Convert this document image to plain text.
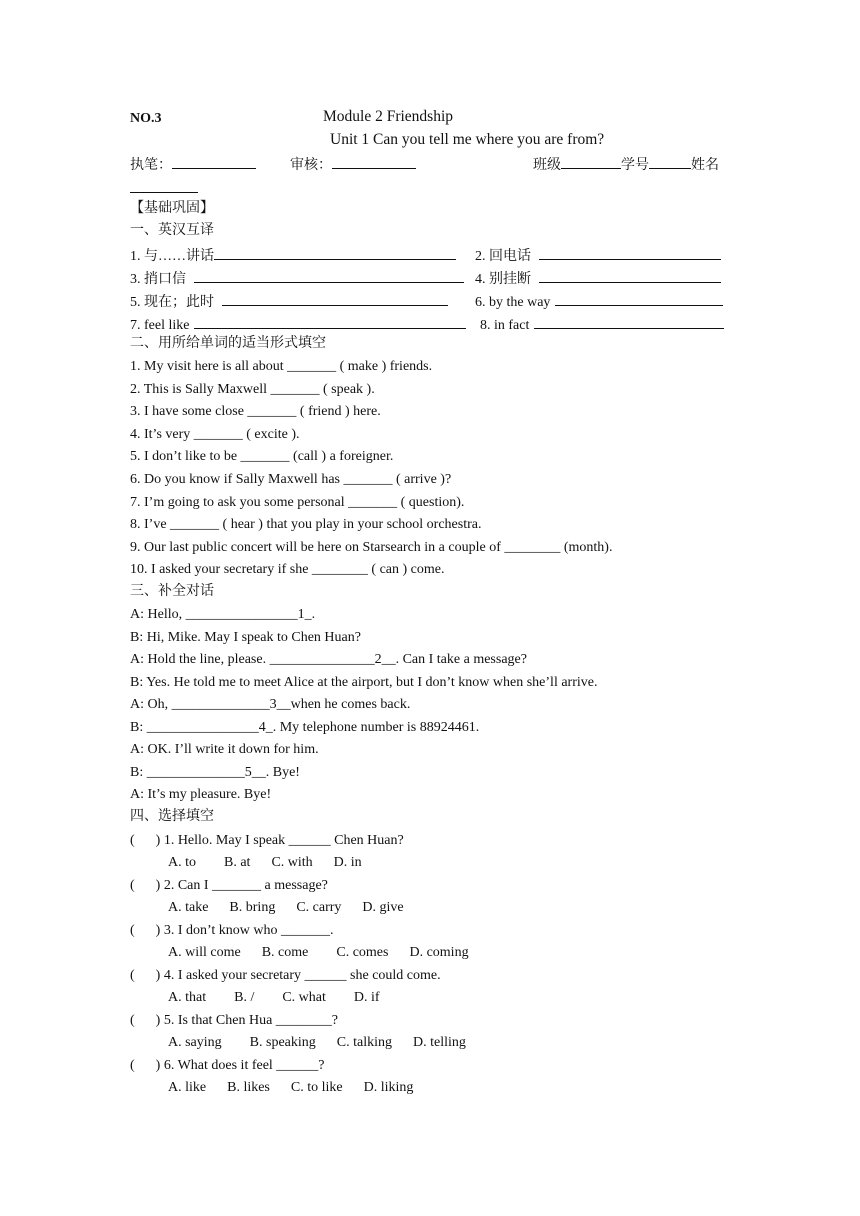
NO.3	Module 2 Friendship
Unit 1 Can you tell me where you are from?
执笔：	审核：	班级	学号	姓名
【基础巩固】
一、英汉互译
1. 与……讲话	2. 回电话
3. 捎口信	4. 别挂断
5. 现在；此时	6. by the way
7. feel like	8. in fact
二、用所给单词的适当形式填空
1. My visit here is all about _______ ( make ) friends.
2. This is Sally Maxwell _______ ( speak ).
3. I have some close _______ ( friend ) here.
4. It’s very _______ ( excite ).
5. I don’t like to be _______ (call ) a foreigner.
6. Do you know if Sally Maxwell has _______ ( arrive )?
7. I’m going to ask you some personal _______ ( question).
8. I’ve _______ ( hear ) that you play in your school orchestra.
9. Our last public concert will be here on Starsearch in a couple of ________ (month).
10. I asked your secretary if she ________ ( can ) come.
三、补全对话
A: Hello, ________________1_.
B: Hi, Mike. May I speak to Chen Huan?
A: Hold the line, please. _______________2__. Can I take a message?
B: Yes. He told me to meet Alice at the airport, but I don’t know when she’ll arrive.
A: Oh, ______________3__when he comes back.
B: ________________4_. My telephone number is 88924461.
A: OK. I’ll write it down for him.
B: ______________5__. Bye!
A: It’s my pleasure. Bye!
四、选择填空
(      ) 1. Hello. May I speak ______ Chen Huan?
A. to        B. at      C. with      D. in
(      ) 2. Can I _______ a message?
A. take      B. bring      C. carry      D. give
(      ) 3. I don’t know who _______.
A. will come      B. come        C. comes      D. coming
(      ) 4. I asked your secretary ______ she could come.
A. that        B. /        C. what        D. if
(      ) 5. Is that Chen Hua ________?
A. saying        B. speaking      C. talking      D. telling
(      ) 6. What does it feel ______?
A. like      B. likes      C. to like      D. liking
